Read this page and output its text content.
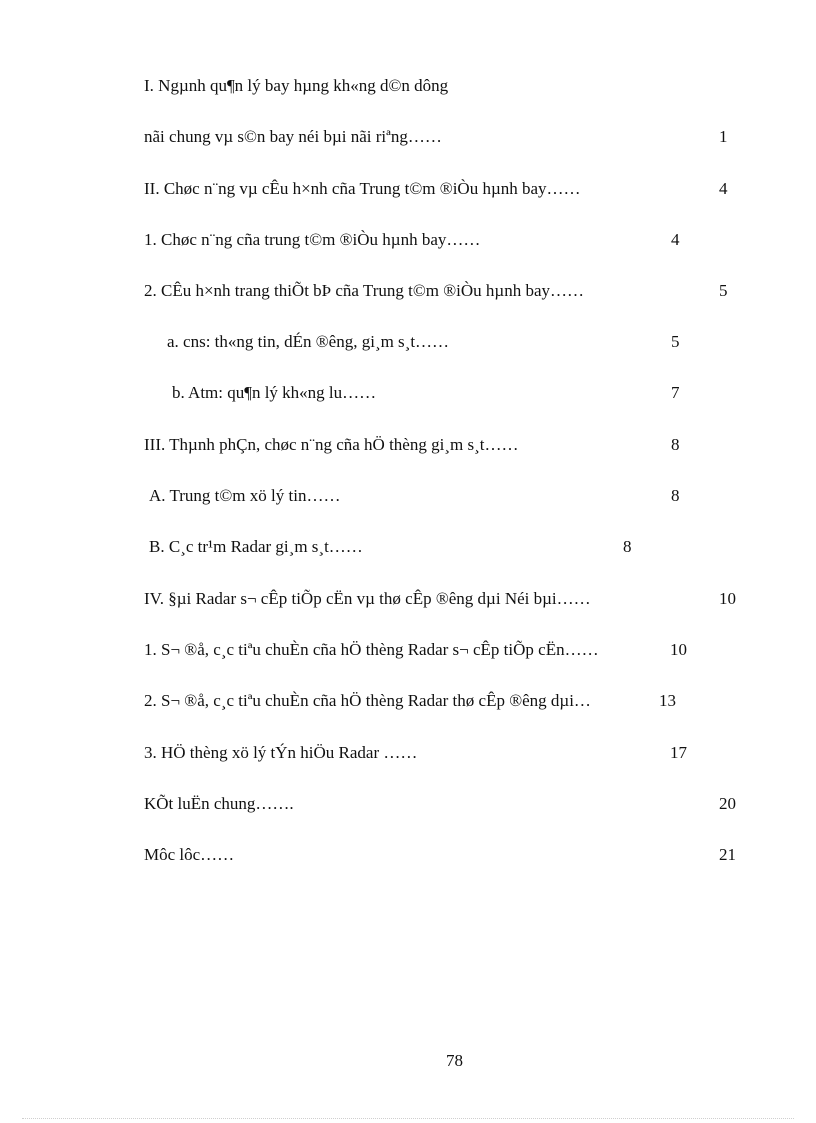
I. Ngµnh qu¶n lý bay hµng kh«ng d©n dông
nãi chung vµ s©n bay néi bµi nãi riªng……	1
II. Chøc n¨ng vµ cÊu h×nh cña Trung t©m ®iÒu hµnh bay……	4
1. Chøc n¨ng cña trung t©m ®iÒu hµnh bay……	4
2. CÊu h×nh trang thiÕt bÞ cña Trung t©m ®iÒu hµnh bay……	5
a. cns: th«ng tin, dÉn ®êng, gi¸m s¸t……	5
b. Atm: qu¶n lý kh«ng lu……	7
III. Thµnh phÇn, chøc n¨ng cña hÖ thèng gi¸m s¸t……	8
A. Trung t©m xö lý tin……	8
B. C¸c tr¹m Radar gi¸m s¸t……	8
IV. §µi Radar s¬ cÊp tiÕp cËn vµ thø cÊp ®êng dµi Néi bµi……	10
1. S¬ ®å, c¸c tiªu chuÈn cña hÖ thèng Radar s¬ cÊp tiÕp cËn……	10
2. S¬ ®å, c¸c tiªu chuÈn cña hÖ thèng Radar thø cÊp ®êng dµi…	13
3. HÖ thèng xö lý tÝn hiÖu Radar ……	17
KÕt luËn chung…….	20
Môc lôc……	21
78
